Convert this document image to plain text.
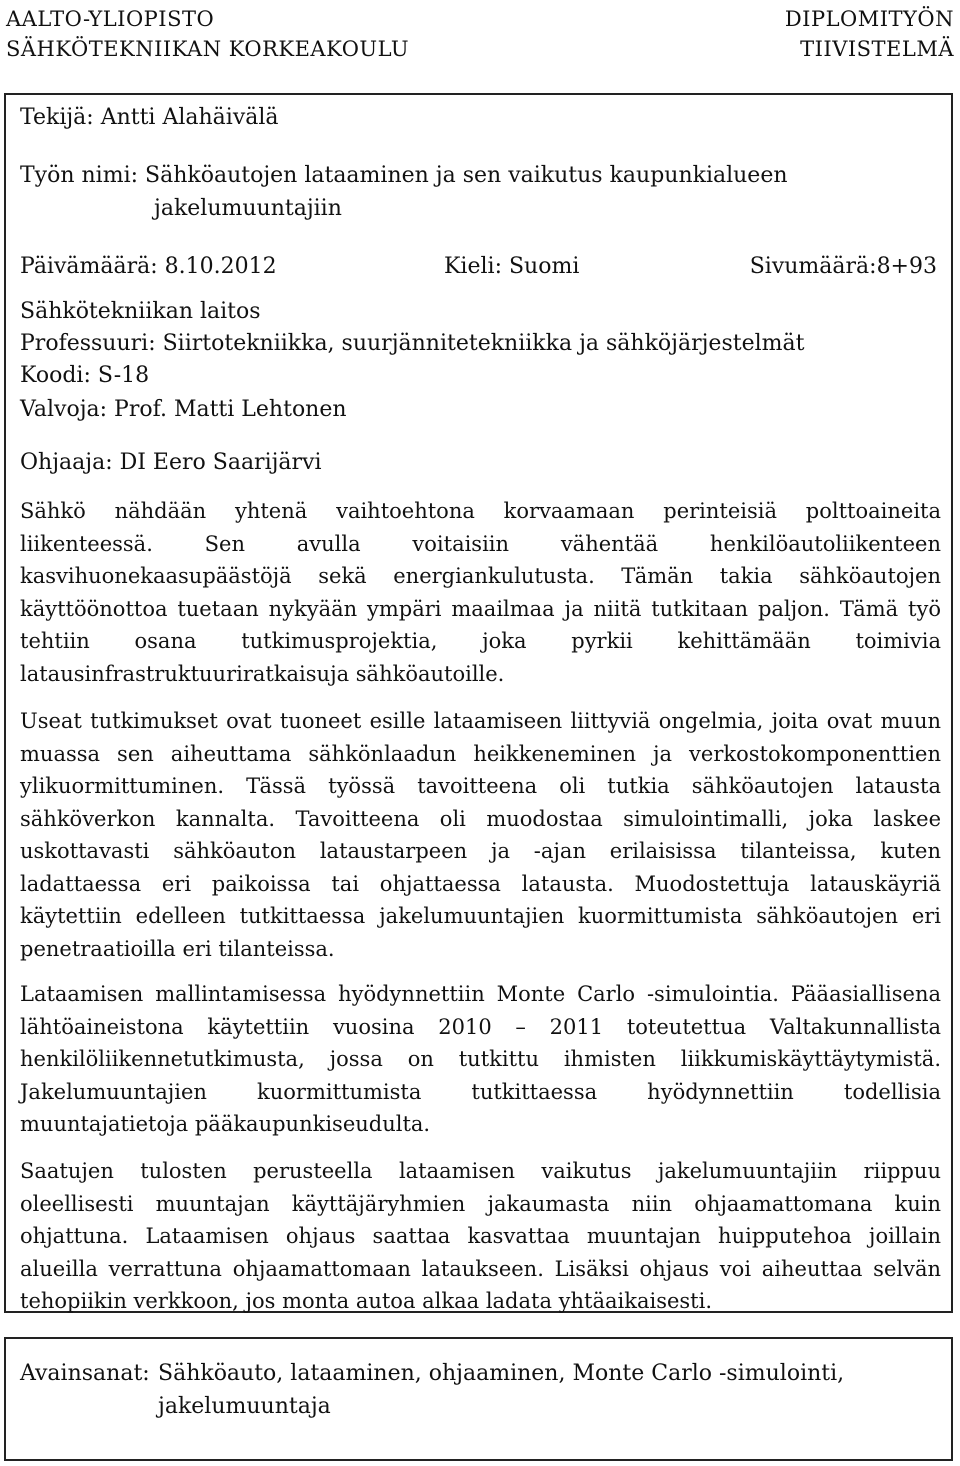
AALTO-YLIOPISTO
SÄHKÖTEKNIIKAN KORKEAKOULU
DIPLOMITYÖN
TIIVISTELMÄ
Tekijä: Antti Alahäivälä
Työn nimi: Sähköautojen lataaminen ja sen vaikutus kaupunkialueen
jakelumuuntajiin
Päivämäärä: 8.10.2012	Kieli: Suomi	Sivumäärä:8+93
Sähkötekniikan laitos
Professuuri: Siirtotekniikka, suurjännitetekniikka ja sähköjärjestelmät
Koodi: S-18
Valvoja: Prof. Matti Lehtonen
Ohjaaja: DI Eero Saarijärvi
Sähkö nähdään yhtenä vaihtoehtona korvaamaan perinteisiä polttoaineita liikenteessä. Sen avulla voitaisiin vähentää henkilöautoliikenteen kasvihuonekaasupäästöjä sekä energiankulutusta. Tämän takia sähköautojen käyttöönottoa tuetaan nykyään ympäri maailmaa ja niitä tutkitaan paljon. Tämä työ tehtiin osana tutkimusprojektia, joka pyrkii kehittämään toimivia latausinfrastruktuuriratkaisuja sähköautoille.
Useat tutkimukset ovat tuoneet esille lataamiseen liittyviä ongelmia, joita ovat muun muassa sen aiheuttama sähkönlaadun heikkeneminen ja verkostokomponenttien ylikuormittuminen. Tässä työssä tavoitteena oli tutkia sähköautojen latausta sähköverkon kannalta. Tavoitteena oli muodostaa simulointimalli, joka laskee uskottavasti sähköauton lataustarpeen ja -ajan erilaisissa tilanteissa, kuten ladattaessa eri paikoissa tai ohjattaessa latausta. Muodostettuja latauskäyriä käytettiin edelleen tutkittaessa jakelumuuntajien kuormittumista sähköautojen eri penetraatioilla eri tilanteissa.
Lataamisen mallintamisessa hyödynnettiin Monte Carlo -simulointia. Pääasiallisena lähtöaineistona käytettiin vuosina 2010 – 2011 toteutettua Valtakunnallista henkilöliikennetutkimusta, jossa on tutkittu ihmisten liikkumiskäyttäytymistä. Jakelumuuntajien kuormittumista tutkittaessa hyödynnettiin todellisia muuntajatietoja pääkaupunkiseudulta.
Saatujen tulosten perusteella lataamisen vaikutus jakelumuuntajiin riippuu oleellisesti muuntajan käyttäjäryhmien jakaumasta niin ohjaamattomana kuin ohjattuna. Lataamisen ohjaus saattaa kasvattaa muuntajan huipputehoa joillain alueilla verrattuna ohjaamattomaan lataukseen. Lisäksi ohjaus voi aiheuttaa selvän tehopiikin verkkoon, jos monta autoa alkaa ladata yhtäaikaisesti.
Avainsanat: Sähköauto, lataaminen, ohjaaminen, Monte Carlo -simulointi, jakelumuuntaja
